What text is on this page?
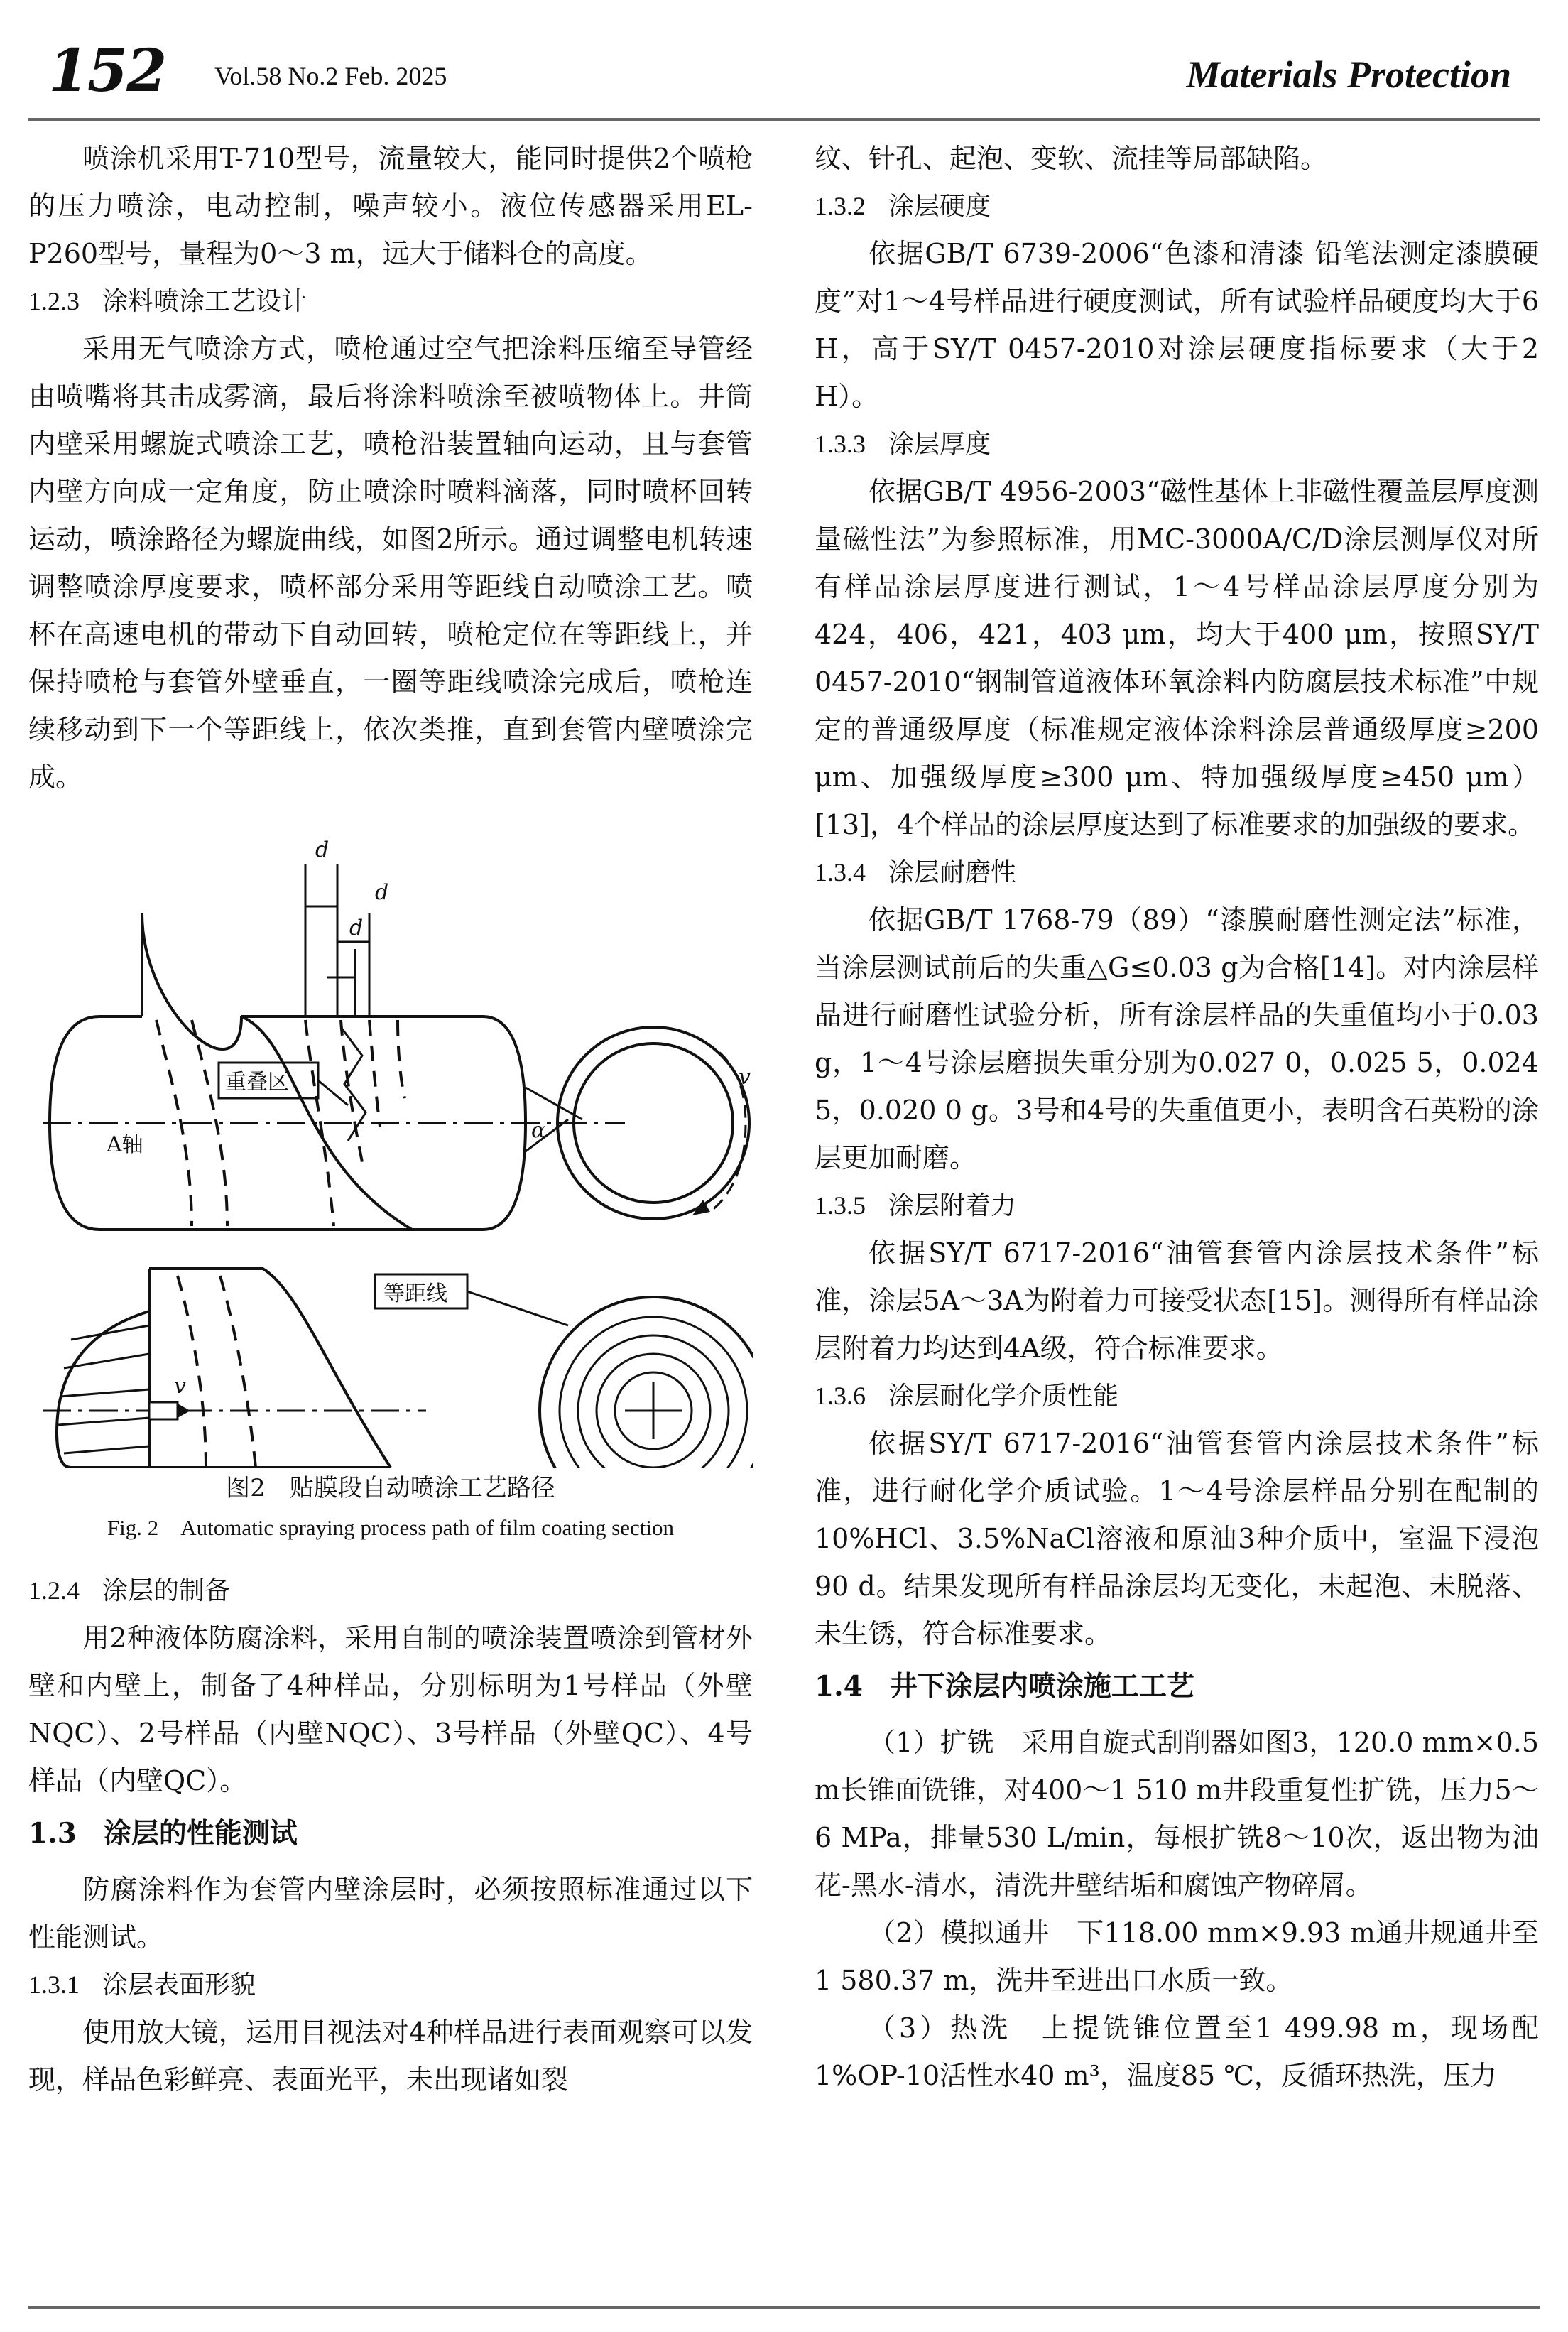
152 Vol.58 No.2 Feb. 2025	Materials Protection

喷涂机采用T-710型号，流量较大，能同时提供2个喷枪的压力喷涂，电动控制，噪声较小。液位传感器采用EL-P260型号，量程为0～3 m，远大于储料仓的高度。

1.2.3 涂料喷涂工艺设计

采用无气喷涂方式，喷枪通过空气把涂料压缩至导管经由喷嘴将其击成雾滴，最后将涂料喷涂至被喷物体上。井筒内壁采用螺旋式喷涂工艺，喷枪沿装置轴向运动，且与套管内壁方向成一定角度，防止喷涂时喷料滴落，同时喷杯回转运动，喷涂路径为螺旋曲线，如图2所示。通过调整电机转速调整喷涂厚度要求，喷杯部分采用等距线自动喷涂工艺。喷杯在高速电机的带动下自动回转，喷枪定位在等距线上，并保持喷枪与套管外壁垂直，一圈等距线喷涂完成后，喷枪连续移动到下一个等距线上，依次类推，直到套管内壁喷涂完成。

d
d
d
重叠区
A轴
α
v
等距线
v
图2　贴膜段自动喷涂工艺路径
Fig. 2　Automatic spraying process path of film coating section
1.2.4 涂层的制备

用2种液体防腐涂料，采用自制的喷涂装置喷涂到管材外壁和内壁上，制备了4种样品，分别标明为1号样品（外壁NQC）、2号样品（内壁NQC）、3号样品（外壁QC）、4号样品（内壁QC）。

1.3 涂层的性能测试

防腐涂料作为套管内壁涂层时，必须按照标准通过以下性能测试。

1.3.1 涂层表面形貌

使用放大镜，运用目视法对4种样品进行表面观察可以发现，样品色彩鲜亮、表面光平，未出现诸如裂

纹、针孔、起泡、变软、流挂等局部缺陷。

1.3.2 涂层硬度

依据GB/T 6739-2006“色漆和清漆 铅笔法测定漆膜硬度”对1～4号样品进行硬度测试，所有试验样品硬度均大于6 H，高于SY/T 0457-2010对涂层硬度指标要求（大于2 H）。

1.3.3 涂层厚度

依据GB/T 4956-2003“磁性基体上非磁性覆盖层厚度测量磁性法”为参照标准，用MC-3000A/C/D涂层测厚仪对所有样品涂层厚度进行测试，1～4号样品涂层厚度分别为424，406，421，403 μm，均大于400 μm，按照SY/T 0457-2010“钢制管道液体环氧涂料内防腐层技术标准”中规定的普通级厚度（标准规定液体涂料涂层普通级厚度≥200 μm、加强级厚度≥300 μm、特加强级厚度≥450 μm）[13]，4个样品的涂层厚度达到了标准要求的加强级的要求。

1.3.4 涂层耐磨性

依据GB/T 1768-79（89）“漆膜耐磨性测定法”标准，当涂层测试前后的失重△G≤0.03 g为合格[14]。对内涂层样品进行耐磨性试验分析，所有涂层样品的失重值均小于0.03 g，1～4号涂层磨损失重分别为0.027 0，0.025 5，0.024 5，0.020 0 g。3号和4号的失重值更小，表明含石英粉的涂层更加耐磨。

1.3.5 涂层附着力

依据SY/T 6717-2016“油管套管内涂层技术条件”标准，涂层5A～3A为附着力可接受状态[15]。测得所有样品涂层附着力均达到4A级，符合标准要求。

1.3.6 涂层耐化学介质性能

依据SY/T 6717-2016“油管套管内涂层技术条件”标准，进行耐化学介质试验。1～4号涂层样品分别在配制的10%HCl、3.5%NaCl溶液和原油3种介质中，室温下浸泡90 d。结果发现所有样品涂层均无变化，未起泡、未脱落、未生锈，符合标准要求。

1.4 井下涂层内喷涂施工工艺

（1）扩铣　采用自旋式刮削器如图3，120.0 mm×0.5 m长锥面铣锥，对400～1 510 m井段重复性扩铣，压力5～6 MPa，排量530 L/min，每根扩铣8～10次，返出物为油花-黑水-清水，清洗井壁结垢和腐蚀产物碎屑。

（2）模拟通井　下118.00 mm×9.93 m通井规通井至1 580.37 m，洗井至进出口水质一致。

（3）热洗　上提铣锥位置至1 499.98 m，现场配1%OP-10活性水40 m³，温度85 ℃，反循环热洗，压力
